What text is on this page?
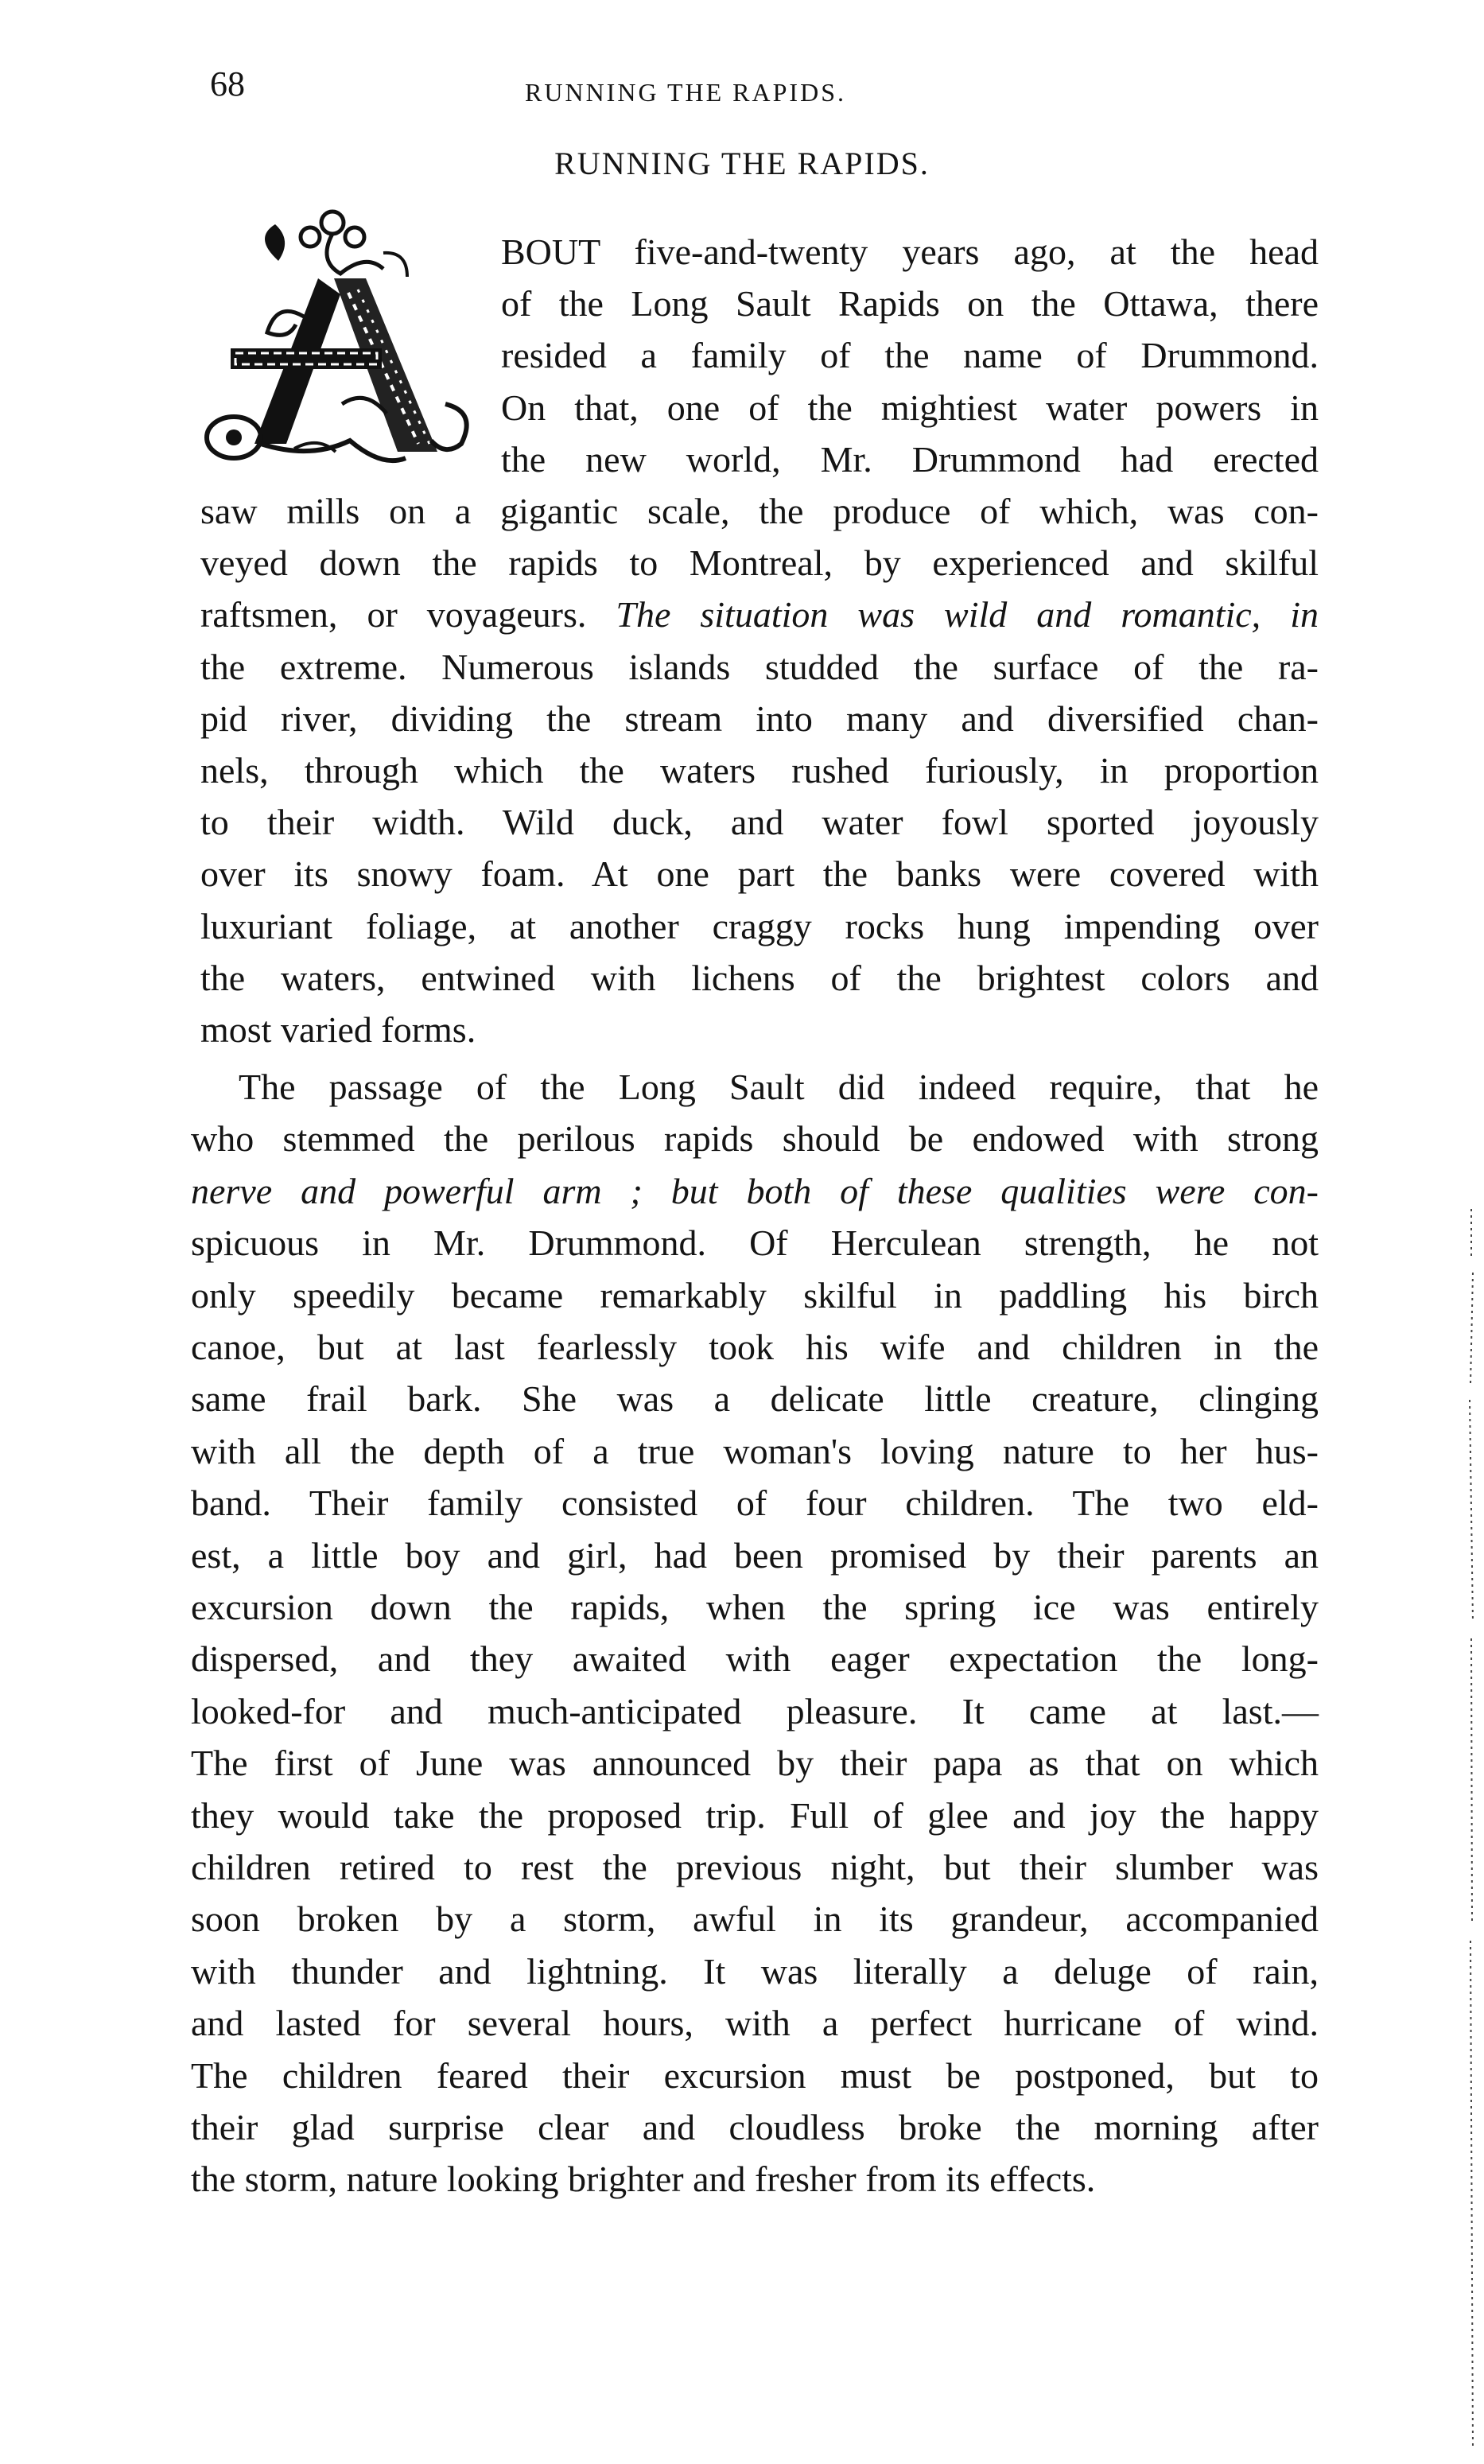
68	RUNNING THE RAPIDS.
RUNNING THE RAPIDS.
BOUT five-and-twenty years ago, at the head
of the Long Sault Rapids on the Ottawa, there
resided a family of the name of Drummond.
On that, one of the mightiest water powers in
the new world, Mr. Drummond had erected
saw mills on a gigantic scale, the produce of which, was con-
veyed down the rapids to Montreal, by experienced and skilful
raftsmen, or voyageurs. The situation was wild and romantic, in
the extreme. Numerous islands studded the surface of the ra-
pid river, dividing the stream into many and diversified chan-
nels, through which the waters rushed furiously, in proportion
to their width. Wild duck, and water fowl sported joyously
over its snowy foam. At one part the banks were covered with
luxuriant foliage, at another craggy rocks hung impending over
the waters, entwined with lichens of the brightest colors and
most varied forms.
The passage of the Long Sault did indeed require, that he
who stemmed the perilous rapids should be endowed with strong
nerve and powerful arm ; but both of these qualities were con-
spicuous in Mr. Drummond. Of Herculean strength, he not
only speedily became remarkably skilful in paddling his birch
canoe, but at last fearlessly took his wife and children in the
same frail bark. She was a delicate little creature, clinging
with all the depth of a true woman's loving nature to her hus-
band. Their family consisted of four children. The two eld-
est, a little boy and girl, had been promised by their parents an
excursion down the rapids, when the spring ice was entirely
dispersed, and they awaited with eager expectation the long-
looked-for and much-anticipated pleasure. It came at last.—
The first of June was announced by their papa as that on which
they would take the proposed trip. Full of glee and joy the happy
children retired to rest the previous night, but their slumber was
soon broken by a storm, awful in its grandeur, accompanied
with thunder and lightning. It was literally a deluge of rain,
and lasted for several hours, with a perfect hurricane of wind.
The children feared their excursion must be postponed, but to
their glad surprise clear and cloudless broke the morning after
the storm, nature looking brighter and fresher from its effects.
